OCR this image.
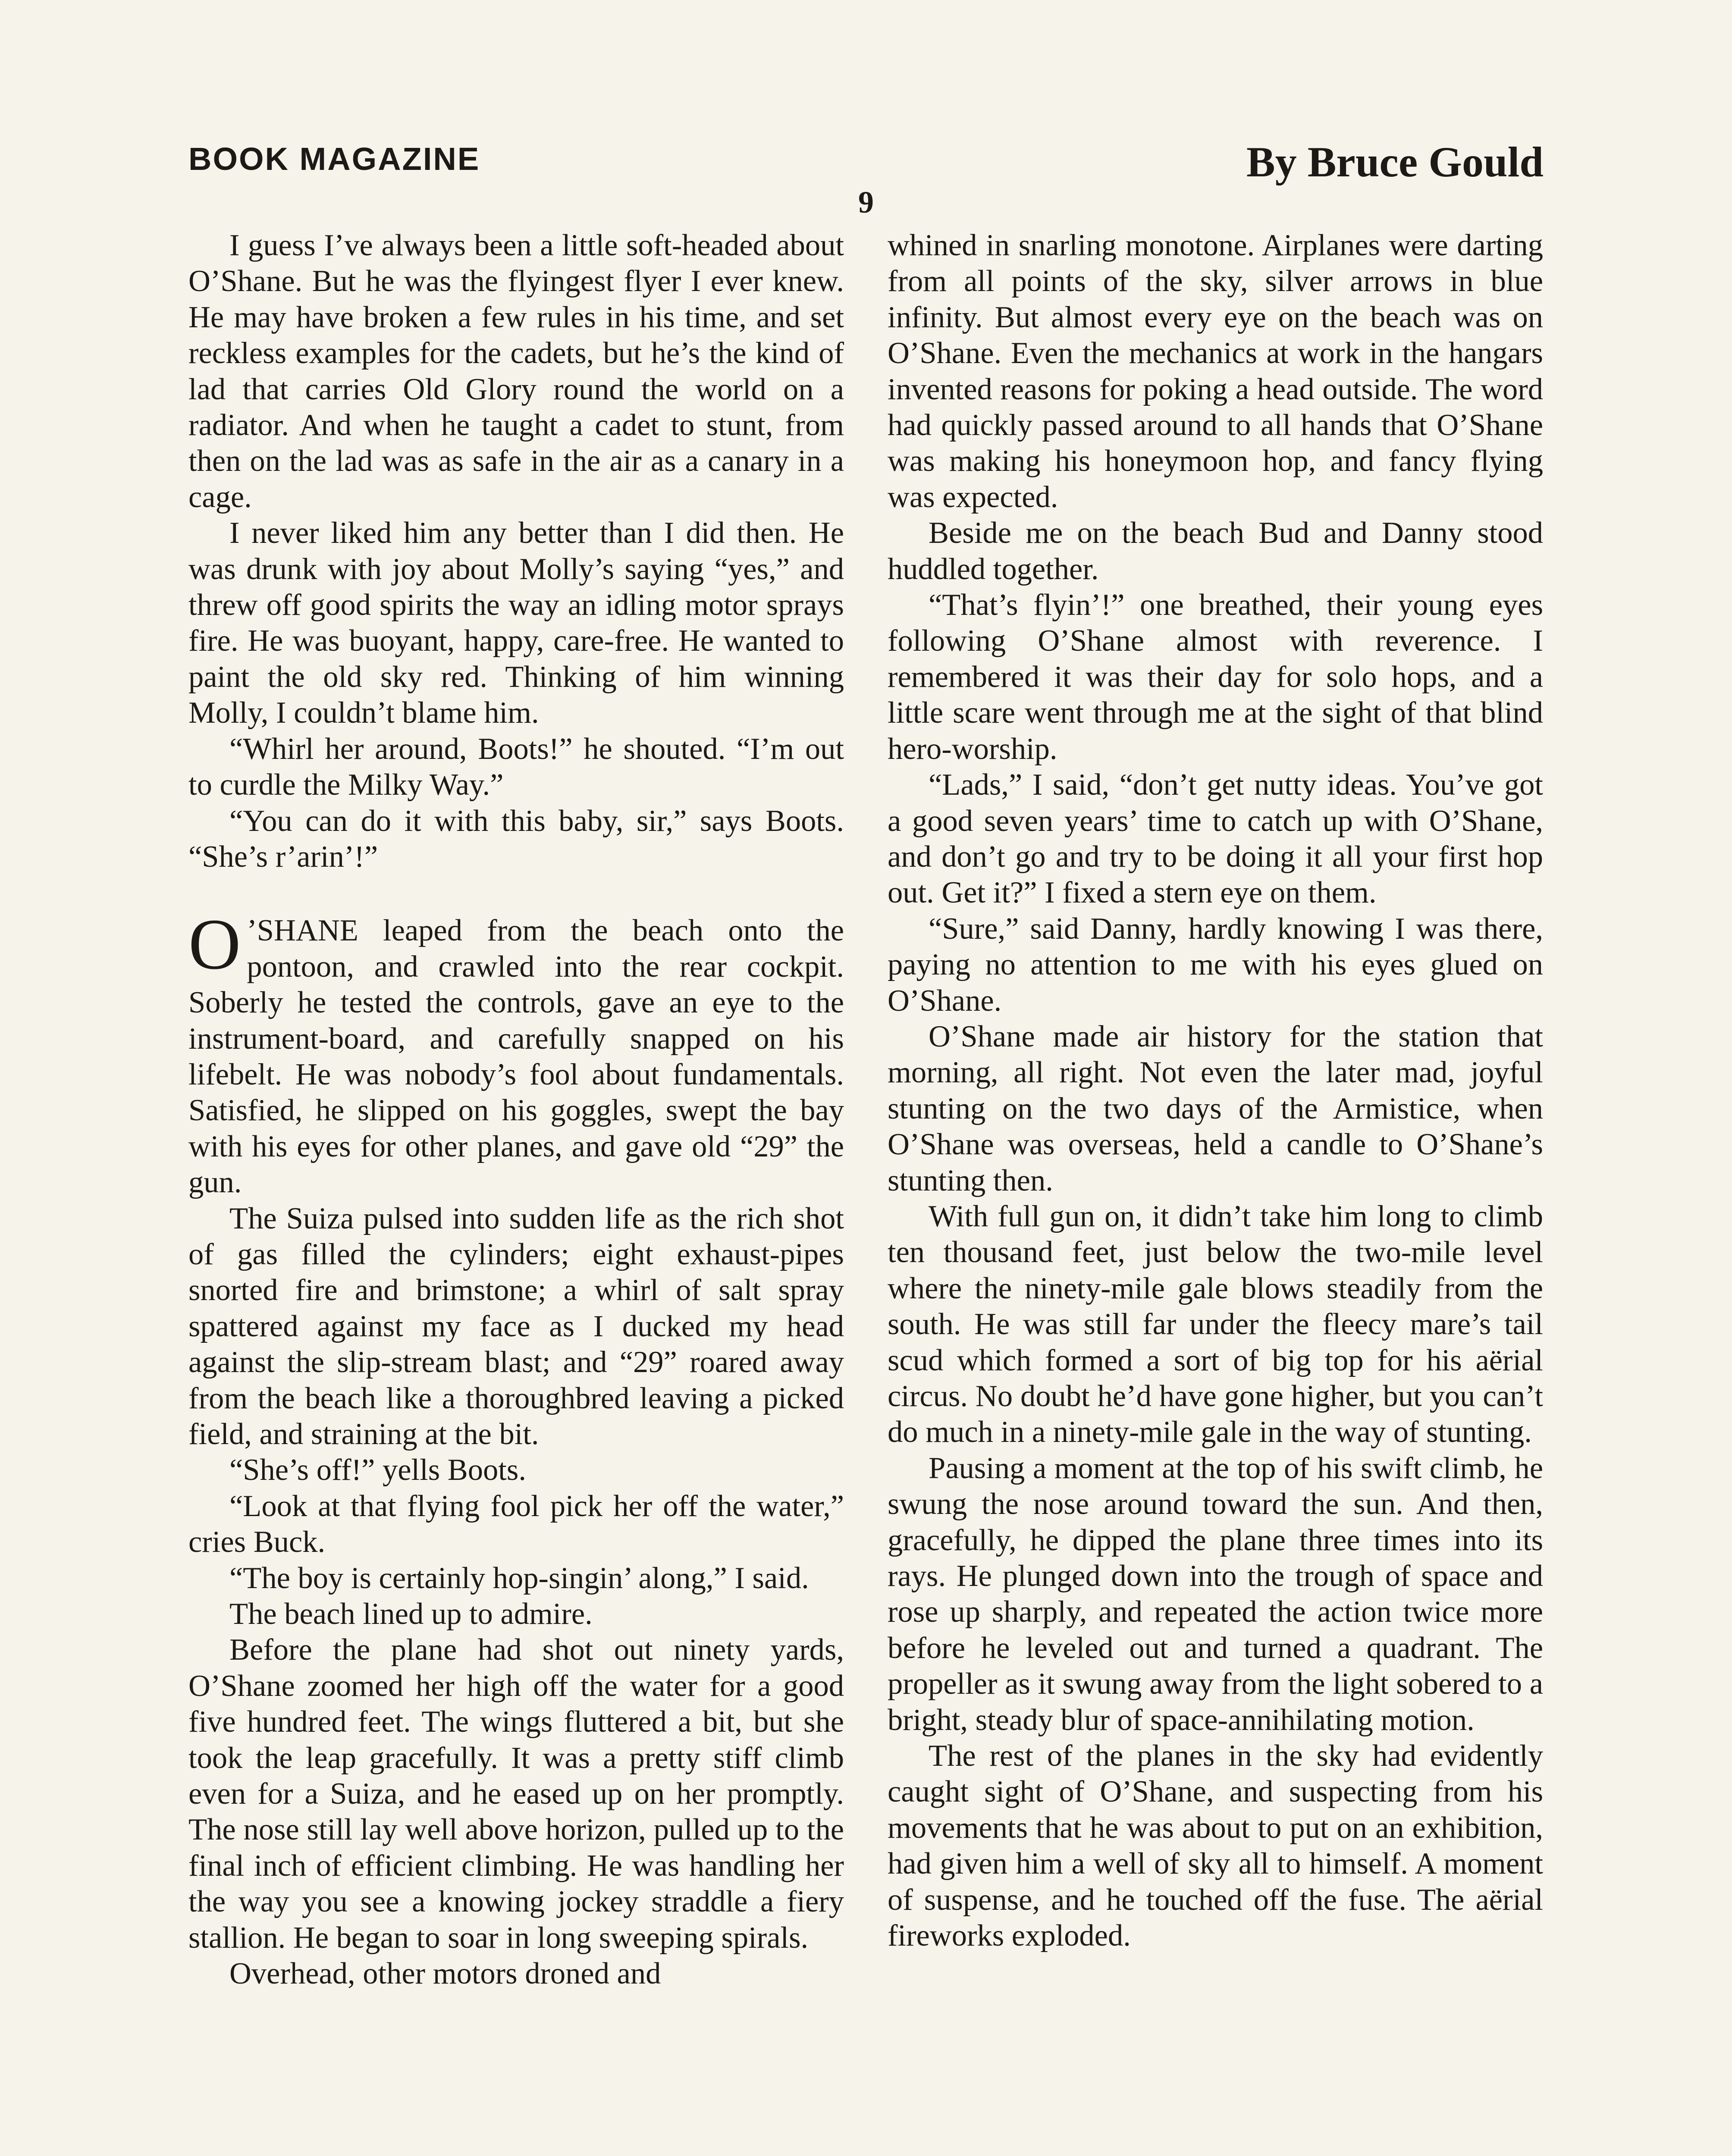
BOOK MAGAZINE	By Bruce Gould
9

I guess I’ve always been a little soft-headed about O’Shane. But he was the flyingest flyer I ever knew. He may have broken a few rules in his time, and set reckless examples for the cadets, but he’s the kind of lad that carries Old Glory round the world on a radiator. And when he taught a cadet to stunt, from then on the lad was as safe in the air as a canary in a cage.

I never liked him any better than I did then. He was drunk with joy about Molly’s saying “yes,” and threw off good spirits the way an idling motor sprays fire. He was buoyant, happy, care-free. He wanted to paint the old sky red. Thinking of him winning Molly, I couldn’t blame him.

“Whirl her around, Boots!” he shouted. “I’m out to curdle the Milky Way.”

“You can do it with this baby, sir,” says Boots. “She’s r’arin’!”

O ’SHANE leaped from the beach onto the pontoon, and crawled into the rear cockpit. Soberly he tested the controls, gave an eye to the instrument-board, and carefully snapped on his lifebelt. He was nobody’s fool about fundamentals. Satisfied, he slipped on his goggles, swept the bay with his eyes for other planes, and gave old “29” the gun.

The Suiza pulsed into sudden life as the rich shot of gas filled the cylinders; eight exhaust-pipes snorted fire and brimstone; a whirl of salt spray spattered against my face as I ducked my head against the slip-stream blast; and “29” roared away from the beach like a thoroughbred leaving a picked field, and straining at the bit.

“She’s off!” yells Boots.

“Look at that flying fool pick her off the water,” cries Buck.

“The boy is certainly hop-singin’ along,” I said.

The beach lined up to admire.

Before the plane had shot out ninety yards, O’Shane zoomed her high off the water for a good five hundred feet. The wings fluttered a bit, but she took the leap gracefully. It was a pretty stiff climb even for a Suiza, and he eased up on her promptly. The nose still lay well above horizon, pulled up to the final inch of efficient climbing. He was handling her the way you see a knowing jockey straddle a fiery stallion. He began to soar in long sweeping spirals.

Overhead, other motors droned and

whined in snarling monotone. Airplanes were darting from all points of the sky, silver arrows in blue infinity. But almost every eye on the beach was on O’Shane. Even the mechanics at work in the hangars invented reasons for poking a head outside. The word had quickly passed around to all hands that O’Shane was making his honeymoon hop, and fancy flying was expected.

Beside me on the beach Bud and Danny stood huddled together.

“That’s flyin’!” one breathed, their young eyes following O’Shane almost with reverence. I remembered it was their day for solo hops, and a little scare went through me at the sight of that blind hero-worship.

“Lads,” I said, “don’t get nutty ideas. You’ve got a good seven years’ time to catch up with O’Shane, and don’t go and try to be doing it all your first hop out. Get it?” I fixed a stern eye on them.

“Sure,” said Danny, hardly knowing I was there, paying no attention to me with his eyes glued on O’Shane.

O’Shane made air history for the station that morning, all right. Not even the later mad, joyful stunting on the two days of the Armistice, when O’Shane was overseas, held a candle to O’Shane’s stunting then.

With full gun on, it didn’t take him long to climb ten thousand feet, just below the two-mile level where the ninety-mile gale blows steadily from the south. He was still far under the fleecy mare’s tail scud which formed a sort of big top for his aërial circus. No doubt he’d have gone higher, but you can’t do much in a ninety-mile gale in the way of stunting.

Pausing a moment at the top of his swift climb, he swung the nose around toward the sun. And then, gracefully, he dipped the plane three times into its rays. He plunged down into the trough of space and rose up sharply, and repeated the action twice more before he leveled out and turned a quadrant. The propeller as it swung away from the light sobered to a bright, steady blur of space-annihilating motion.

The rest of the planes in the sky had evidently caught sight of O’Shane, and suspecting from his movements that he was about to put on an exhibition, had given him a well of sky all to himself. A moment of suspense, and he touched off the fuse. The aërial fireworks exploded.
